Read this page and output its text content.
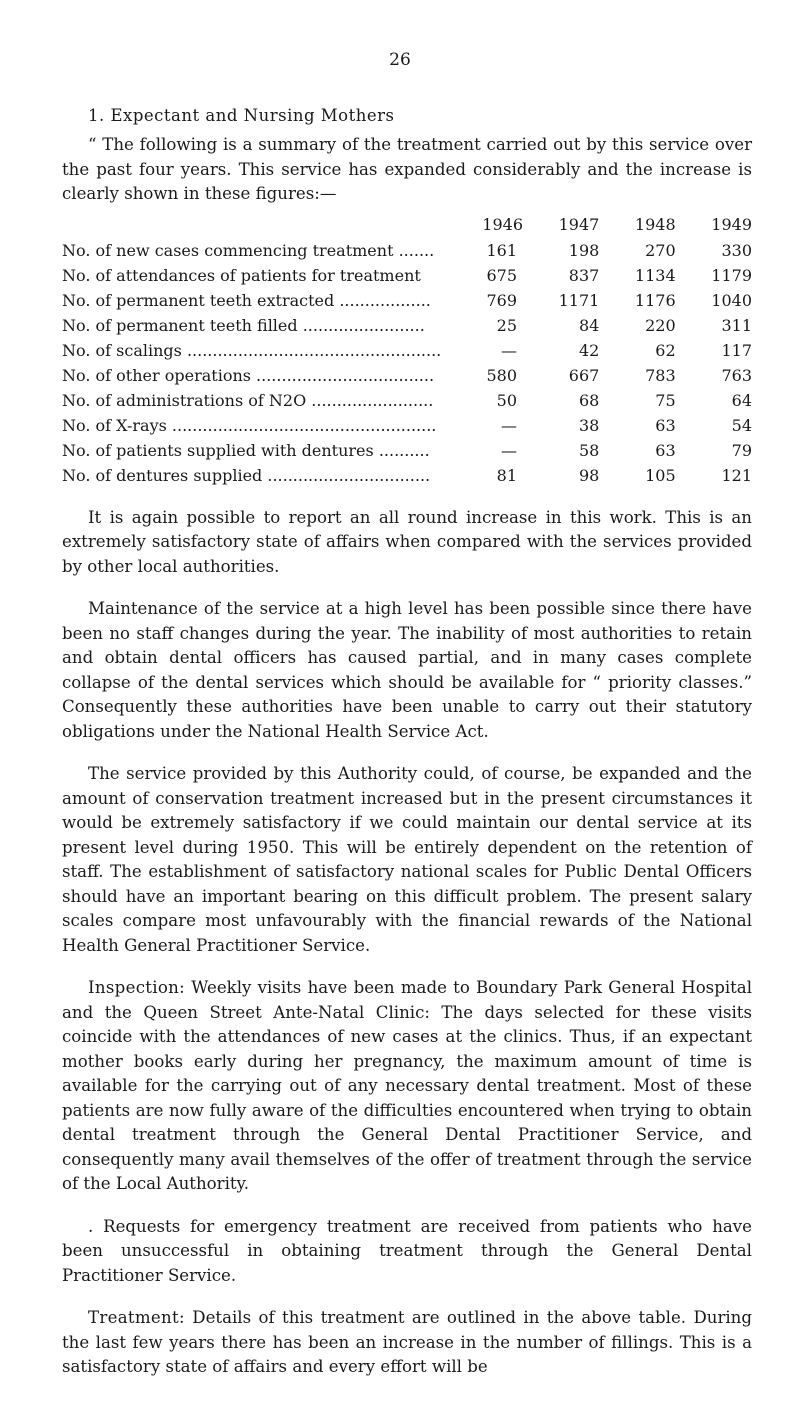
26
1. Expectant and Nursing Mothers

“ The following is a summary of the treatment carried out by this service over the past four years. This service has expanded considerably and the increase is clearly shown in these figures:—

	1946	1947	1948	1949
No. of new cases commencing treatment .......	161	198	270	330
No. of attendances of patients for treatment	675	837	1134	1179
No. of permanent teeth extracted ..................	769	1171	1176	1040
No. of permanent teeth filled ........................	25	84	220	311
No. of scalings ..................................................	—	42	62	117
No. of other operations ...................................	580	667	783	763
No. of administrations of N2O ........................	50	68	75	64
No. of X-rays ....................................................	—	38	63	54
No. of patients supplied with dentures ..........	—	58	63	79
No. of dentures supplied ................................	81	98	105	121

It is again possible to report an all round increase in this work. This is an extremely satisfactory state of affairs when compared with the services provided by other local authorities.

Maintenance of the service at a high level has been possible since there have been no staff changes during the year. The inability of most authorities to retain and obtain dental officers has caused partial, and in many cases complete collapse of the dental services which should be available for “ priority classes.” Consequently these authorities have been unable to carry out their statutory obligations under the National Health Service Act.

The service provided by this Authority could, of course, be expanded and the amount of conservation treatment increased but in the present circumstances it would be extremely satisfactory if we could maintain our dental service at its present level during 1950. This will be entirely dependent on the retention of staff. The establishment of satisfactory national scales for Public Dental Officers should have an important bearing on this difficult problem. The present salary scales compare most unfavourably with the financial rewards of the National Health General Practitioner Service.

Inspection: Weekly visits have been made to Boundary Park General Hospital and the Queen Street Ante-Natal Clinic: The days selected for these visits coincide with the attendances of new cases at the clinics. Thus, if an expectant mother books early during her pregnancy, the maximum amount of time is available for the carrying out of any necessary dental treatment. Most of these patients are now fully aware of the difficulties encountered when trying to obtain dental treatment through the General Dental Practitioner Service, and consequently many avail themselves of the offer of treatment through the service of the Local Authority.

. Requests for emergency treatment are received from patients who have been unsuccessful in obtaining treatment through the General Dental Practitioner Service.

Treatment: Details of this treatment are outlined in the above table. During the last few years there has been an increase in the number of fillings. This is a satisfactory state of affairs and every effort will be
